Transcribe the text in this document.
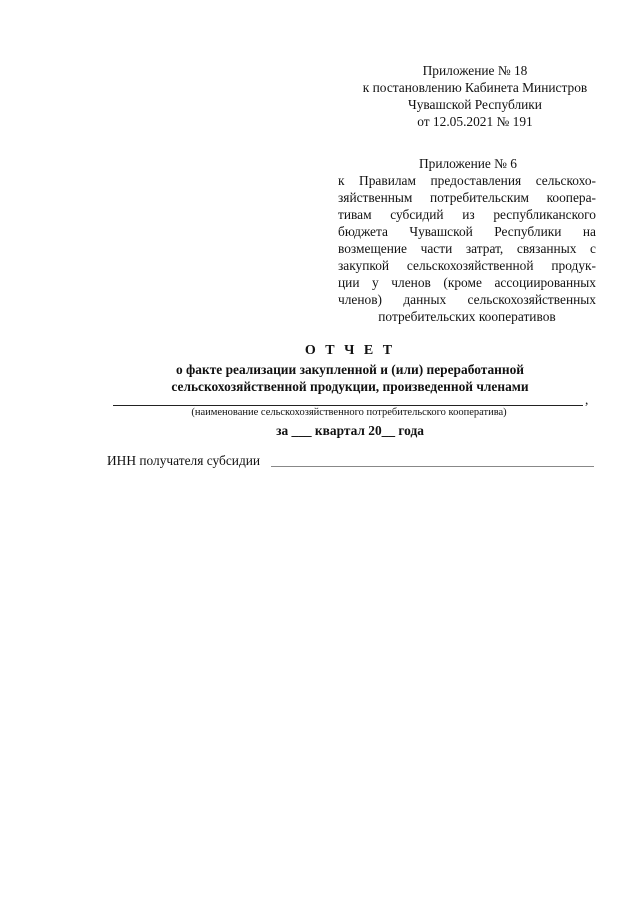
Приложение № 18
к постановлению Кабинета Министров
Чувашской Республики
от 12.05.2021 № 191
Приложение № 6
к Правилам предоставления сельскохо-
зяйственным потребительским коопера-
тивам субсидий из республиканского
бюджета Чувашской Республики на
возмещение части затрат, связанных с
закупкой сельскохозяйственной продук-
ции у членов (кроме ассоциированных
членов) данных сельскохозяйственных
потребительских кооперативов
О Т Ч Е Т
о факте реализации закупленной и (или) переработанной
сельскохозяйственной продукции, произведенной членами
,
(наименование сельскохозяйственного потребительского кооператива)
за ___ квартал 20__ года
ИНН получателя субсидии
